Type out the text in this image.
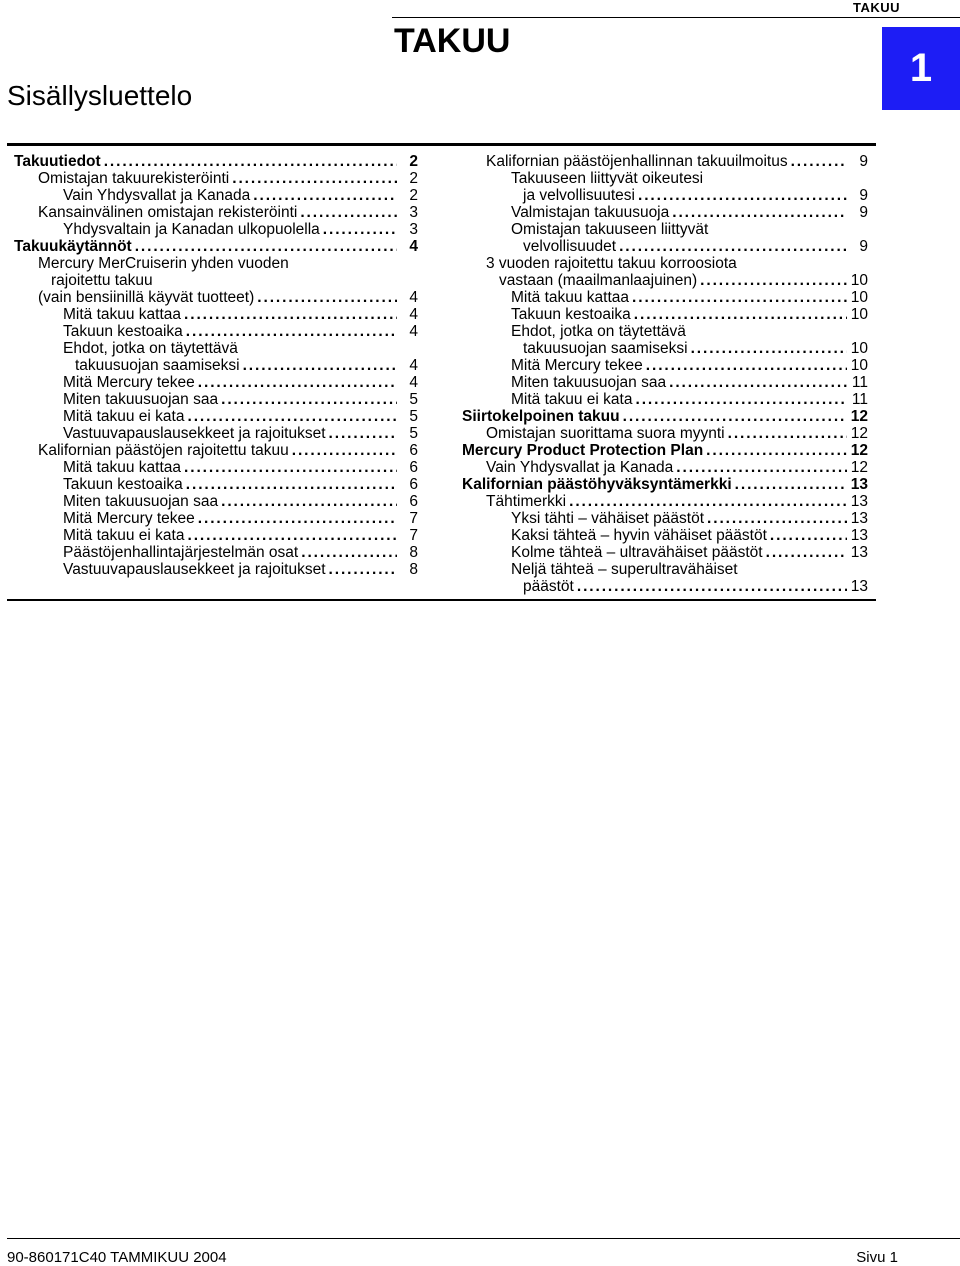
TAKUU
TAKUU
1
Sisällysluettelo
Takuutiedot . . .	2
Omistajan takuurekisteröinti . . .	2
Vain Yhdysvallat ja Kanada . . .	2
Kansainvälinen omistajan rekisteröinti . . .	3
Yhdysvaltain ja Kanadan ulkopuolella . . .	3
Takuukäytännöt . . .	4
Mercury MerCruiserin yhden vuoden
rajoitettu takuu
(vain bensiinillä käyvät tuotteet) . . .	4
Mitä takuu kattaa . . .	4
Takuun kestoaika . . .	4
Ehdot, jotka on täytettävä
takuusuojan saamiseksi . . .	4
Mitä Mercury tekee . . .	4
Miten takuusuojan saa . . .	5
Mitä takuu ei kata . . .	5
Vastuuvapauslausekkeet ja rajoitukset . . .	5
Kalifornian päästöjen rajoitettu takuu . . .	6
Mitä takuu kattaa . . .	6
Takuun kestoaika . . .	6
Miten takuusuojan saa . . .	6
Mitä Mercury tekee . . .	7
Mitä takuu ei kata . . .	7
Päästöjenhallintajärjestelmän osat . . .	8
Vastuuvapauslausekkeet ja rajoitukset . . .	8
Kalifornian päästöjenhallinnan takuuilmoitus . . .	9
Takuuseen liittyvät oikeutesi
ja velvollisuutesi . . .	9
Valmistajan takuusuoja . . .	9
Omistajan takuuseen liittyvät
velvollisuudet . . .	9
3 vuoden rajoitettu takuu korroosiota
vastaan (maailmanlaajuinen) . . .	10
Mitä takuu kattaa . . .	10
Takuun kestoaika . . .	10
Ehdot, jotka on täytettävä
takuusuojan saamiseksi . . .	10
Mitä Mercury tekee . . .	10
Miten takuusuojan saa . . .	11
Mitä takuu ei kata . . .	11
Siirtokelpoinen takuu . . .	12
Omistajan suorittama suora myynti . . .	12
Mercury Product Protection Plan . . .	12
Vain Yhdysvallat ja Kanada . . .	12
Kalifornian päästöhyväksyntämerkki . . .	13
Tähtimerkki . . .	13
Yksi tähti – vähäiset päästöt . . .	13
Kaksi tähteä – hyvin vähäiset päästöt . . .	13
Kolme tähteä – ultravähäiset päästöt . . .	13
Neljä tähteä – superultravähäiset
päästöt . . .	13
90-860171C40 TAMMIKUU 2004	Sivu 1
